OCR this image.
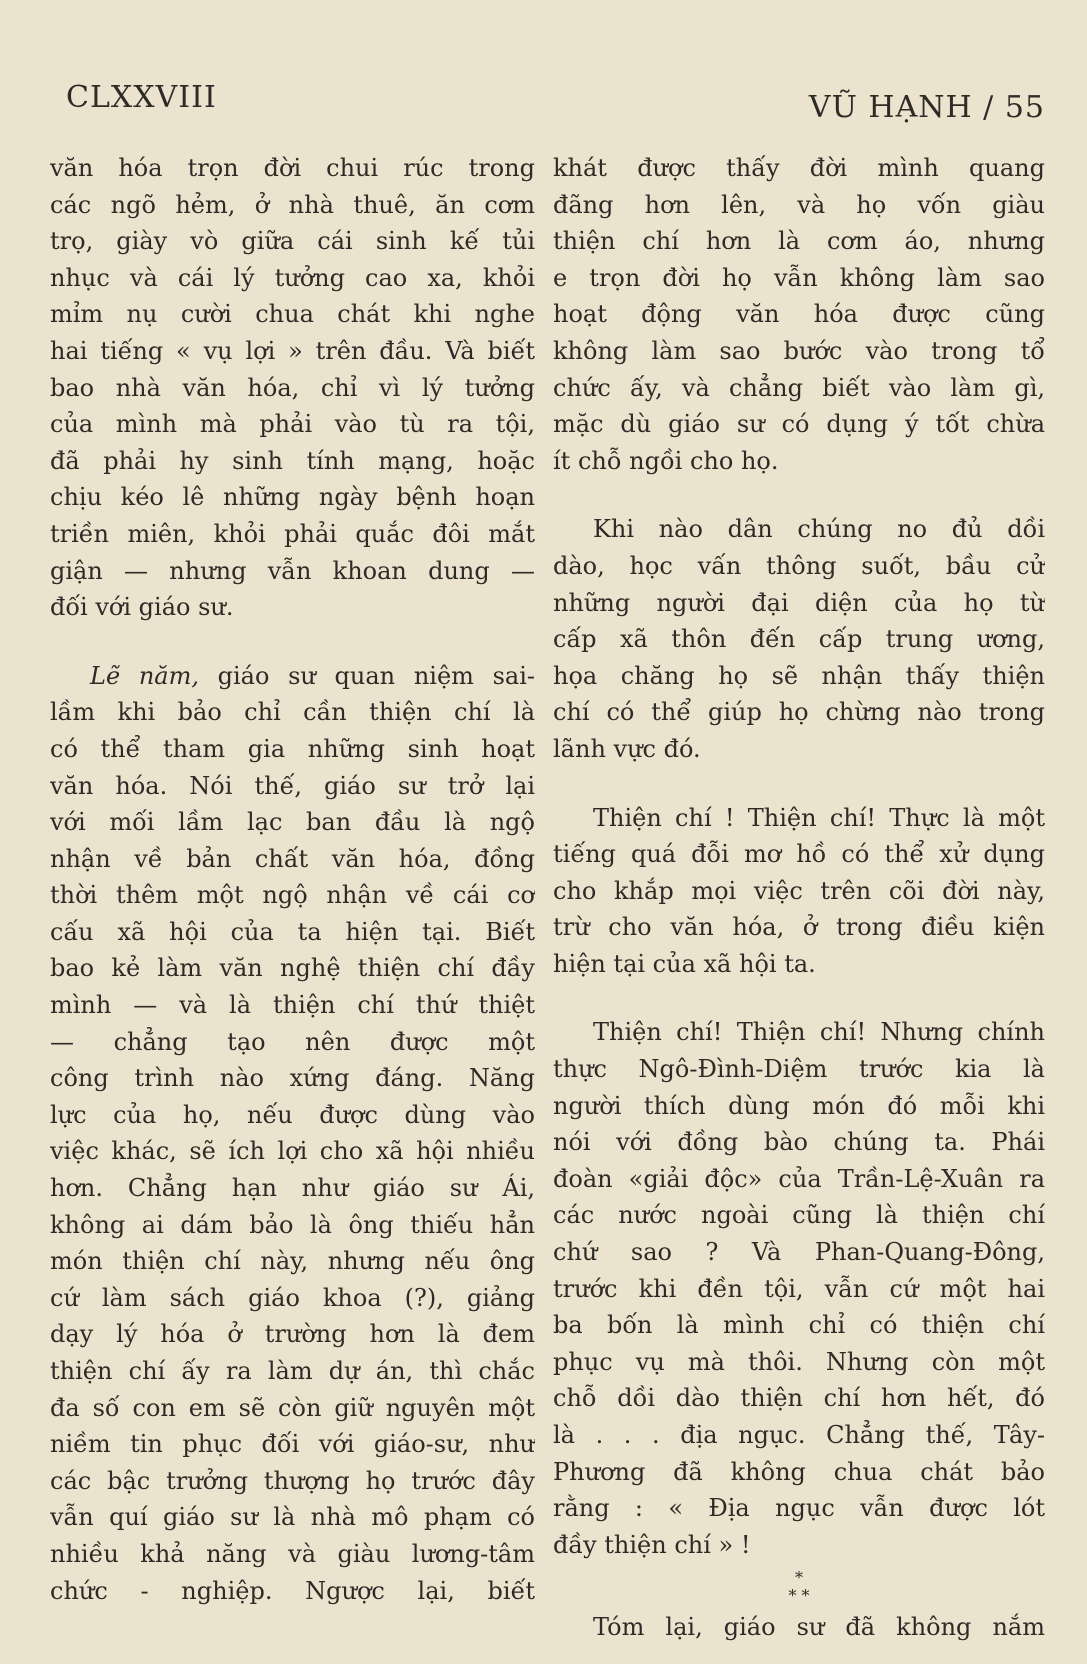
CLXXVIII	VŨ HẠNH / 55
văn hóa trọn đời chui rúc trong
các ngõ hẻm, ở nhà thuê, ăn cơm
trọ, giày vò giữa cái sinh kế tủi
nhục và cái lý tưởng cao xa, khỏi
mỉm nụ cười chua chát khi nghe
hai tiếng « vụ lợi » trên đầu. Và biết
bao nhà văn hóa, chỉ vì lý tưởng
của mình mà phải vào tù ra tội,
đã phải hy sinh tính mạng, hoặc
chịu kéo lê những ngày bệnh hoạn
triền miên, khỏi phải quắc đôi mắt
giận — nhưng vẫn khoan dung —
đối với giáo sư.
Lẽ năm, giáo sư quan niệm sai-
lầm khi bảo chỉ cần thiện chí là
có thể tham gia những sinh hoạt
văn hóa. Nói thế, giáo sư trở lại
với mối lầm lạc ban đầu là ngộ
nhận về bản chất văn hóa, đồng
thời thêm một ngộ nhận về cái cơ
cấu xã hội của ta hiện tại. Biết
bao kẻ làm văn nghệ thiện chí đầy
mình — và là thiện chí thứ thiệt
— chẳng tạo nên được một
công trình nào xứng đáng. Năng
lực của họ, nếu được dùng vào
việc khác, sẽ ích lợi cho xã hội nhiều
hơn. Chẳng hạn như giáo sư Ái,
không ai dám bảo là ông thiếu hẳn
món thiện chí này, nhưng nếu ông
cứ làm sách giáo khoa (?), giảng
dạy lý hóa ở trường hơn là đem
thiện chí ấy ra làm dự án, thì chắc
đa số con em sẽ còn giữ nguyên một
niềm tin phục đối với giáo-sư, như
các bậc trưởng thượng họ trước đây
vẫn quí giáo sư là nhà mô phạm có
nhiều khả năng và giàu lương-tâm
chức - nghiệp. Ngược lại, biết
khát được thấy đời mình quang
đãng hơn lên, và họ vốn giàu
thiện chí hơn là cơm áo, nhưng
e trọn đời họ vẫn không làm sao
hoạt động văn hóa được cũng
không làm sao bước vào trong tổ
chức ấy, và chẳng biết vào làm gì,
mặc dù giáo sư có dụng ý tốt chừa
ít chỗ ngồi cho họ.
Khi nào dân chúng no đủ dồi
dào, học vấn thông suốt, bầu cử
những người đại diện của họ từ
cấp xã thôn đến cấp trung ương,
họa chăng họ sẽ nhận thấy thiện
chí có thể giúp họ chừng nào trong
lãnh vực đó.
Thiện chí ! Thiện chí! Thực là một
tiếng quá đỗi mơ hồ có thể xử dụng
cho khắp mọi việc trên cõi đời này,
trừ cho văn hóa, ở trong điều kiện
hiện tại của xã hội ta.
Thiện chí! Thiện chí! Nhưng chính
thực Ngô-Đình-Diệm trước kia là
người thích dùng món đó mỗi khi
nói với đồng bào chúng ta. Phái
đoàn «giải độc» của Trần-Lệ-Xuân ra
các nước ngoài cũng là thiện chí
chứ sao ? Và Phan-Quang-Đông,
trước khi đền tội, vẫn cứ một hai
ba bốn là mình chỉ có thiện chí
phục vụ mà thôi. Nhưng còn một
chỗ dồi dào thiện chí hơn hết, đó
là . . . địa ngục. Chẳng thế, Tây-
Phương đã không chua chát bảo
rằng : « Địa ngục vẫn được lót
đầy thiện chí » !
*
* *
Tóm lại, giáo sư đã không nắm
